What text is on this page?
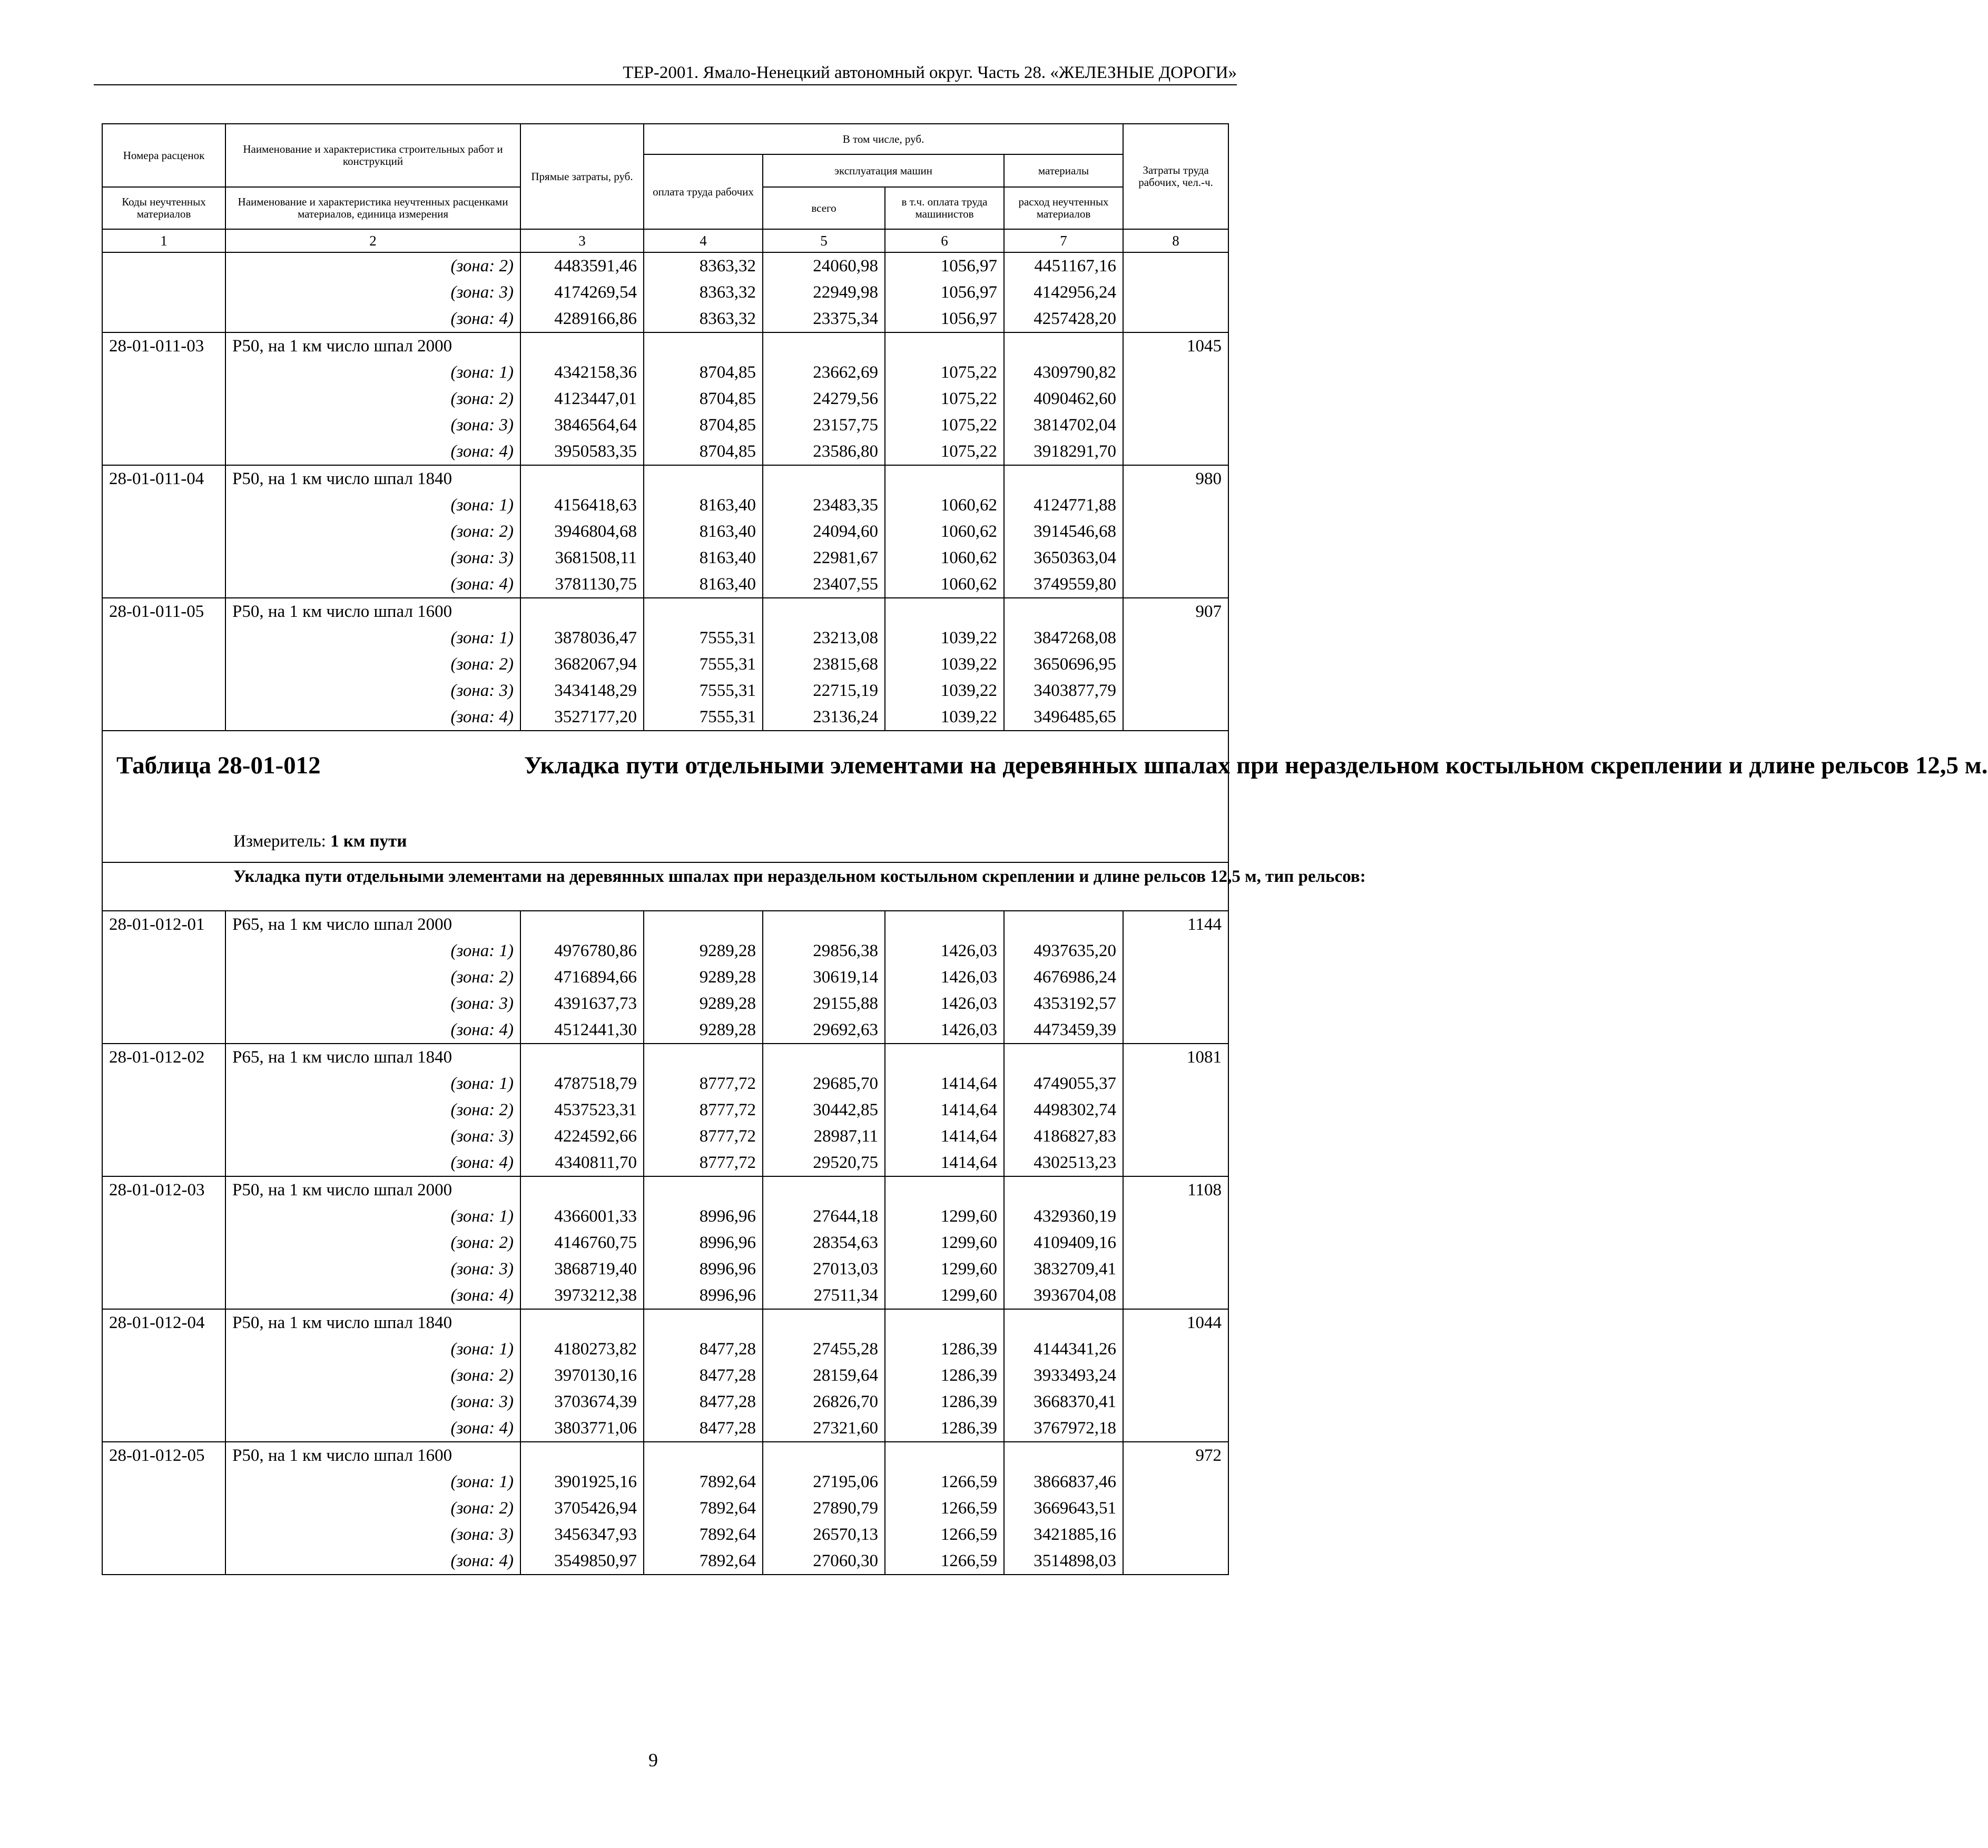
ТЕР-2001. Ямало-Ненецкий автономный округ. Часть 28. «ЖЕЛЕЗНЫЕ ДОРОГИ»
Номера расценок	Наименование и характеристика строительных работ и конструкций	Прямые затраты, руб.	В том числе, руб.				Затраты труда рабочих, чел.-ч.
			оплата труда рабочих	эксплуатация машин		материалы	
Коды неучтенных материалов	Наименование и характеристика неучтенных расценками материалов, единица измерения			всего	в т.ч. оплата труда машинистов	расход неучтенных материалов	
1	2	3	4	5	6	7	8
	(зона: 2)	4483591,46	8363,32	24060,98	1056,97	4451167,16	
	(зона: 3)	4174269,54	8363,32	22949,98	1056,97	4142956,24	
	(зона: 4)	4289166,86	8363,32	23375,34	1056,97	4257428,20	
28-01-011-03	Р50, на 1 км число шпал 2000						1045
	(зона: 1)	4342158,36	8704,85	23662,69	1075,22	4309790,82	
	(зона: 2)	4123447,01	8704,85	24279,56	1075,22	4090462,60	
	(зона: 3)	3846564,64	8704,85	23157,75	1075,22	3814702,04	
	(зона: 4)	3950583,35	8704,85	23586,80	1075,22	3918291,70	
28-01-011-04	Р50, на 1 км число шпал 1840						980
	(зона: 1)	4156418,63	8163,40	23483,35	1060,62	4124771,88	
	(зона: 2)	3946804,68	8163,40	24094,60	1060,62	3914546,68	
	(зона: 3)	3681508,11	8163,40	22981,67	1060,62	3650363,04	
	(зона: 4)	3781130,75	8163,40	23407,55	1060,62	3749559,80	
28-01-011-05	Р50, на 1 км число шпал 1600						907
	(зона: 1)	3878036,47	7555,31	23213,08	1039,22	3847268,08	
	(зона: 2)	3682067,94	7555,31	23815,68	1039,22	3650696,95	
	(зона: 3)	3434148,29	7555,31	22715,19	1039,22	3403877,79	
	(зона: 4)	3527177,20	7555,31	23136,24	1039,22	3496485,65	

Таблица 28-01-012 Укладка пути отдельными элементами на деревянных шпалах при нераздельном костыльном скреплении и длине рельсов 12,5 м.
Измеритель: 1 км пути							

Укладка пути отдельными элементами на деревянных шпалах при нераздельном костыльном скреплении и длине рельсов 12,5 м, тип рельсов:							

28-01-012-01	Р65, на 1 км число шпал 2000						1144
	(зона: 1)	4976780,86	9289,28	29856,38	1426,03	4937635,20	
	(зона: 2)	4716894,66	9289,28	30619,14	1426,03	4676986,24	
	(зона: 3)	4391637,73	9289,28	29155,88	1426,03	4353192,57	
	(зона: 4)	4512441,30	9289,28	29692,63	1426,03	4473459,39	
28-01-012-02	Р65, на 1 км число шпал 1840						1081
	(зона: 1)	4787518,79	8777,72	29685,70	1414,64	4749055,37	
	(зона: 2)	4537523,31	8777,72	30442,85	1414,64	4498302,74	
	(зона: 3)	4224592,66	8777,72	28987,11	1414,64	4186827,83	
	(зона: 4)	4340811,70	8777,72	29520,75	1414,64	4302513,23	
28-01-012-03	Р50, на 1 км число шпал 2000						1108
	(зона: 1)	4366001,33	8996,96	27644,18	1299,60	4329360,19	
	(зона: 2)	4146760,75	8996,96	28354,63	1299,60	4109409,16	
	(зона: 3)	3868719,40	8996,96	27013,03	1299,60	3832709,41	
	(зона: 4)	3973212,38	8996,96	27511,34	1299,60	3936704,08	
28-01-012-04	Р50, на 1 км число шпал 1840						1044
	(зона: 1)	4180273,82	8477,28	27455,28	1286,39	4144341,26	
	(зона: 2)	3970130,16	8477,28	28159,64	1286,39	3933493,24	
	(зона: 3)	3703674,39	8477,28	26826,70	1286,39	3668370,41	
	(зона: 4)	3803771,06	8477,28	27321,60	1286,39	3767972,18	
28-01-012-05	Р50, на 1 км число шпал 1600						972
	(зона: 1)	3901925,16	7892,64	27195,06	1266,59	3866837,46	
	(зона: 2)	3705426,94	7892,64	27890,79	1266,59	3669643,51	
	(зона: 3)	3456347,93	7892,64	26570,13	1266,59	3421885,16	
	(зона: 4)	3549850,97	7892,64	27060,30	1266,59	3514898,03	
9
